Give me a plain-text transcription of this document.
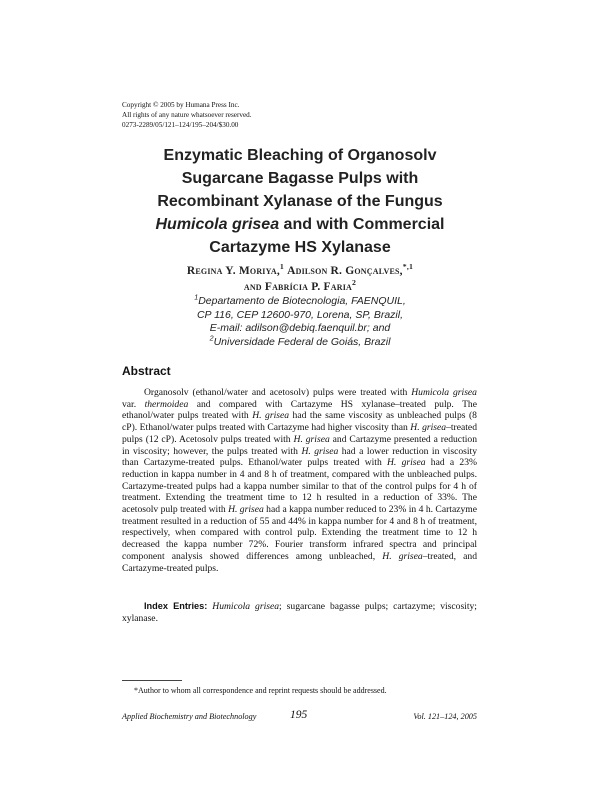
Copyright © 2005 by Humana Press Inc.
All rights of any nature whatsoever reserved.
0273-2289/05/121–124/195–204/$30.00
Enzymatic Bleaching of Organosolv
Sugarcane Bagasse Pulps with
Recombinant Xylanase of the Fungus
Humicola grisea and with Commercial
Cartazyme HS Xylanase
Regina Y. Moriya,$^1$ Adilson R. Gonçalves,$^{*,1}$
and Fabrícia P. Faria$^2$
$^1$Departamento de Biotecnologia, FAENQUIL,
CP 116, CEP 12600-970, Lorena, SP, Brazil,
E-mail: adilson@debiq.faenquil.br; and
$^2$Universidade Federal de Goiás, Brazil
Abstract

Organosolv (ethanol/water and acetosolv) pulps were treated with Humicola grisea var. thermoidea and compared with Cartazyme HS xylanase–treated pulp. The ethanol/water pulps treated with H. grisea had the same viscosity as unbleached pulps (8 cP). Ethanol/water pulps treated with Cartazyme had higher viscosity than H. grisea–treated pulps (12 cP). Acetosolv pulps treated with H. grisea and Cartazyme presented a reduction in viscosity; however, the pulps treated with H. grisea had a lower reduction in viscosity than Cartazyme-treated pulps. Ethanol/water pulps treated with H. grisea had a 23% reduction in kappa number in 4 and 8 h of treatment, compared with the unbleached pulps. Cartazyme-treated pulps had a kappa number similar to that of the control pulps for 4 h of treatment. Extending the treatment time to 12 h resulted in a reduction of 33%. The acetosolv pulp treated with H. grisea had a kappa number reduced to 23% in 4 h. Cartazyme treatment resulted in a reduction of 55 and 44% in kappa number for 4 and 8 h of treatment, respectively, when compared with control pulp. Extending the treatment time to 12 h decreased the kappa number 72%. Fourier transform infrared spectra and principal component analysis showed differences among unbleached, H. grisea–treated, and Cartazyme-treated pulps.

Index Entries: Humicola grisea; sugarcane bagasse pulps; cartazyme; viscosity; xylanase.

*Author to whom all correspondence and reprint requests should be addressed.
Applied Biochemistry and Biotechnology	195	Vol. 121–124, 2005
